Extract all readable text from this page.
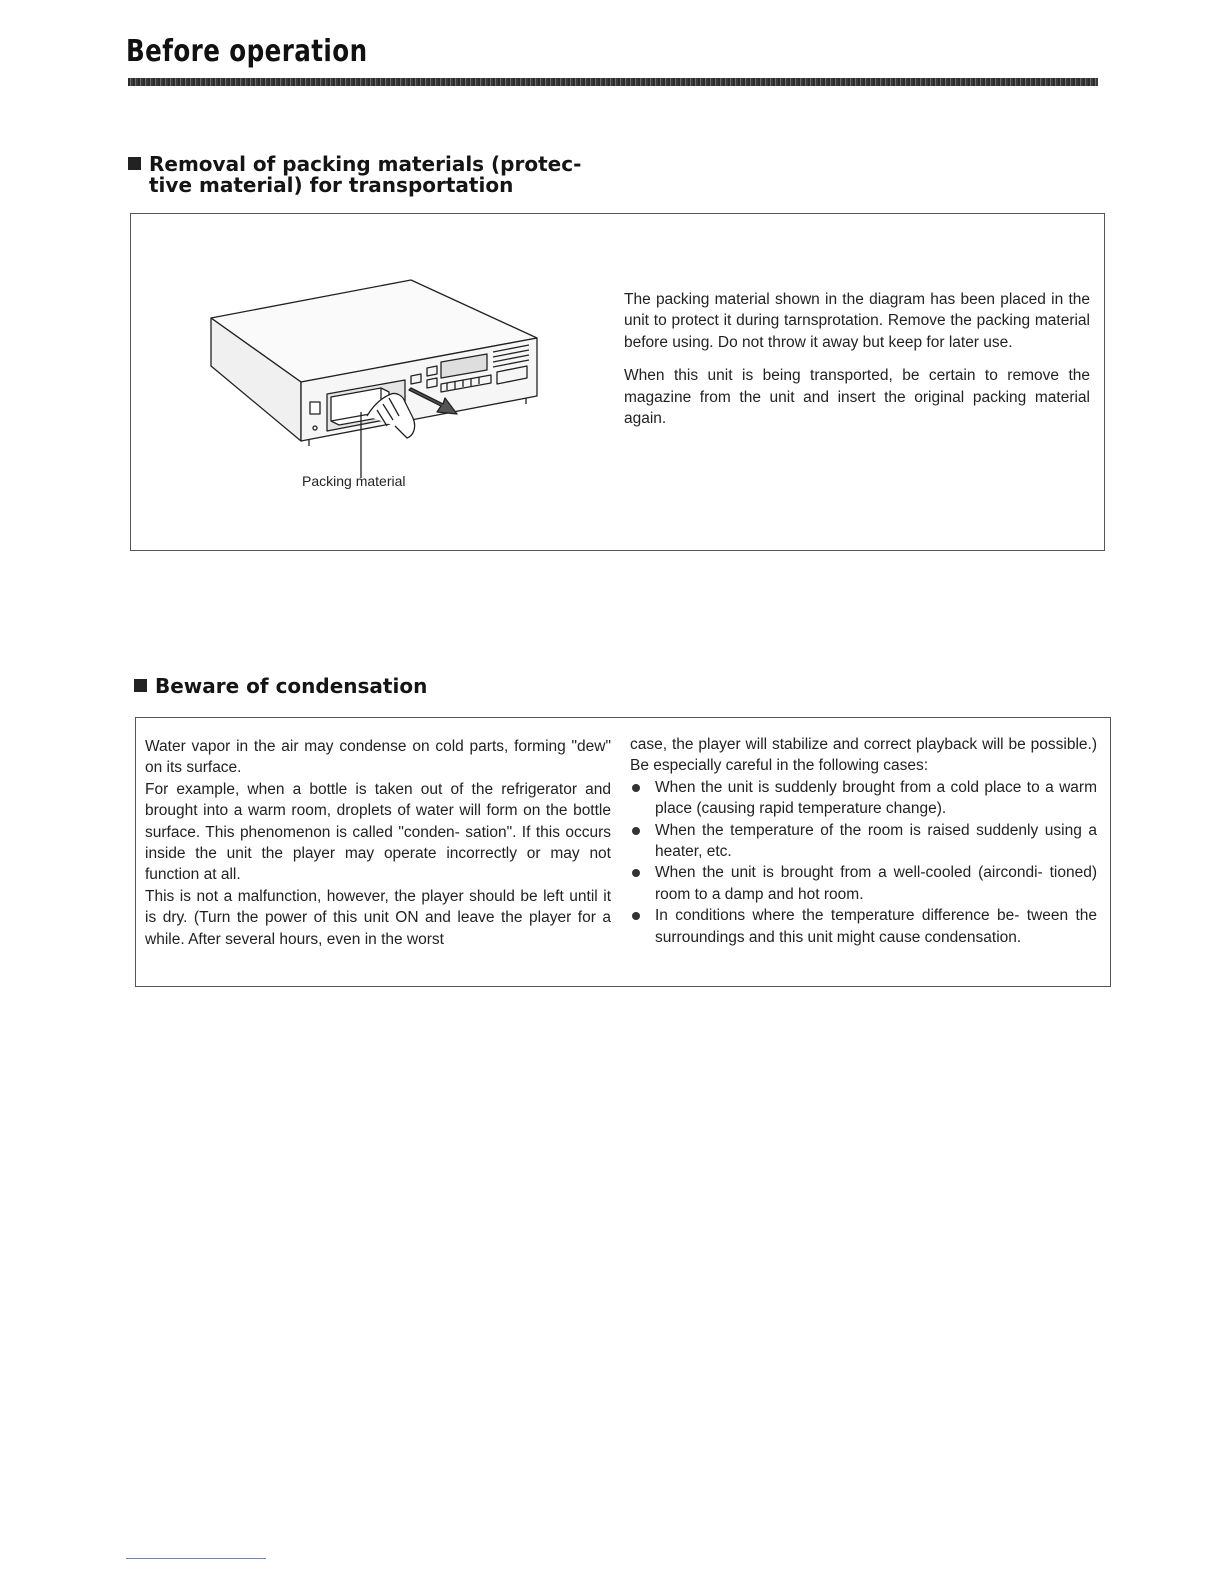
Before operation
Removal of packing materials (protec-
tive material) for transportation

The packing material shown in the diagram has been placed in the unit to protect it during tarnsprotation. Remove the packing material before using. Do not throw it away but keep for later use.

When this unit is being transported, be certain to remove the magazine from the unit and insert the original packing material again.

Packing material
Beware of condensation
Water vapor in the air may condense on cold parts, forming "dew" on its surface.
For example, when a bottle is taken out of the refrigerator and brought into a warm room, droplets of water will form on the bottle surface. This phenomenon is called "conden- sation". If this occurs inside the unit the player may operate incorrectly or may not function at all.
This is not a malfunction, however, the player should be left until it is dry. (Turn the power of this unit ON and leave the player for a while. After several hours, even in the worst
case, the player will stabilize and correct playback will be possible.) Be especially careful in the following cases:
When the unit is suddenly brought from a cold place to a warm place (causing rapid temperature change).
When the temperature of the room is raised suddenly using a heater, etc.
When the unit is brought from a well-cooled (aircondi- tioned) room to a damp and hot room.
In conditions where the temperature difference be- tween the surroundings and this unit might cause condensation.
